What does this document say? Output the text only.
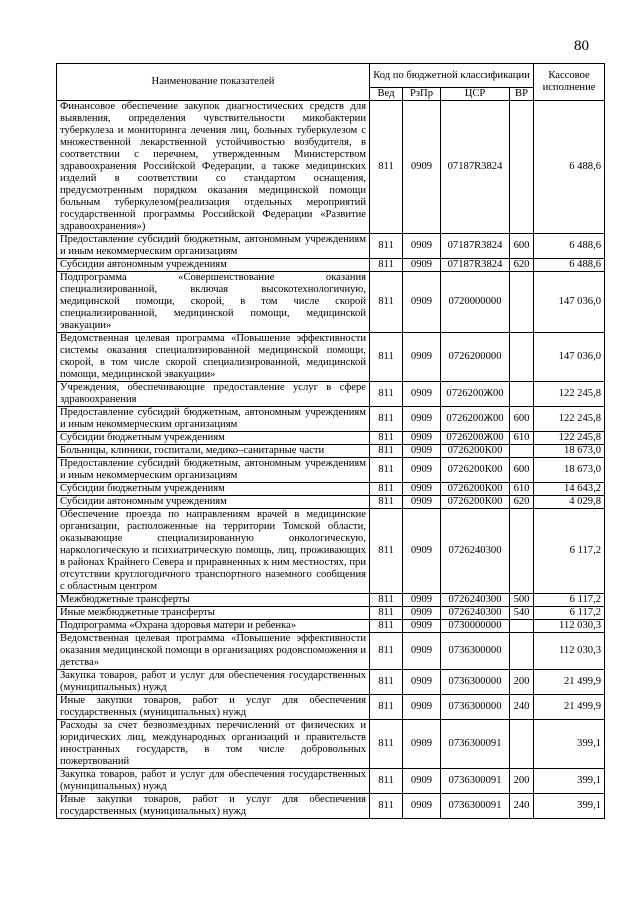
80
Наименование показателей	Код по бюджетной классификации				Кассовое исполнение
	Вед	РзПр	ЦСР	ВР	
Финансовое обеспечение закупок диагностических средств для выявления, определения чувствительности микобактерии туберкулеза и мониторинга лечения лиц, больных туберкулезом с множественной лекарственной устойчивостью возбудителя, в соответствии с перечнем, утвержденным Министерством здравоохранения Российской Федерации, а также медицинских изделий в соответствии со стандартом оснащения, предусмотренным порядком оказания медицинской помощи больным туберкулезом(реализация отдельных мероприятий государственной программы Российской Федерации «Развитие здравоохранения»)	811	0909	07187R3824		6 488,6
Предоставление субсидий бюджетным, автономным учреждениям и иным некоммерческим организациям	811	0909	07187R3824	600	6 488,6
Субсидии автономным учреждениям	811	0909	07187R3824	620	6 488,6
Подпрограмма «Совершенствование оказания специализированной, включая высокотехнологичную, медицинской помощи, скорой, в том числе скорой специализированной, медицинской помощи, медицинской эвакуации»	811	0909	0720000000		147 036,0
Ведомственная целевая программа «Повышение эффективности системы оказания специализированной медицинской помощи, скорой, в том числе скорой специализированной, медицинской помощи, медицинской эвакуации»	811	0909	0726200000		147 036,0
Учреждения, обеспечивающие предоставление услуг в сфере здравоохранения	811	0909	0726200Ж00		122 245,8
Предоставление субсидий бюджетным, автономным учреждениям и иным некоммерческим организациям	811	0909	0726200Ж00	600	122 245,8
Субсидии бюджетным учреждениям	811	0909	0726200Ж00	610	122 245,8
Больницы, клиники, госпитали, медико–санитарные части	811	0909	0726200К00		18 673,0
Предоставление субсидий бюджетным, автономным учреждениям и иным некоммерческим организациям	811	0909	0726200К00	600	18 673,0
Субсидии бюджетным учреждениям	811	0909	0726200К00	610	14 643,2
Субсидии автономным учреждениям	811	0909	0726200К00	620	4 029,8
Обеспечение проезда по направлениям врачей в медицинские организации, расположенные на территории Томской области, оказывающие специализированную онкологическую, наркологическую и психиатрическую помощь, лиц, проживающих в районах Крайнего Севера и приравненных к ним местностях, при отсутствии круглогодичного транспортного наземного сообщения с областным центром	811	0909	0726240300		6 117,2
Межбюджетные трансферты	811	0909	0726240300	500	6 117,2
Иные межбюджетные трансферты	811	0909	0726240300	540	6 117,2
Подпрограмма «Охрана здоровья матери и ребенка»	811	0909	0730000000		112 030,3
Ведомственная целевая программа «Повышение эффективности оказания медицинской помощи в организациях родовспоможения и детства»	811	0909	0736300000		112 030,3
Закупка товаров, работ и услуг для обеспечения государственных (муниципальных) нужд	811	0909	0736300000	200	21 499,9
Иные закупки товаров, работ и услуг для обеспечения государственных (муниципальных) нужд	811	0909	0736300000	240	21 499,9
Расходы за счет безвозмездных перечислений от физических и юридических лиц, международных организаций и правительств иностранных государств, в том числе добровольных пожертвований	811	0909	0736300091		399,1
Закупка товаров, работ и услуг для обеспечения государственных (муниципальных) нужд	811	0909	0736300091	200	399,1
Иные закупки товаров, работ и услуг для обеспечения государственных (муниципальных) нужд	811	0909	0736300091	240	399,1
